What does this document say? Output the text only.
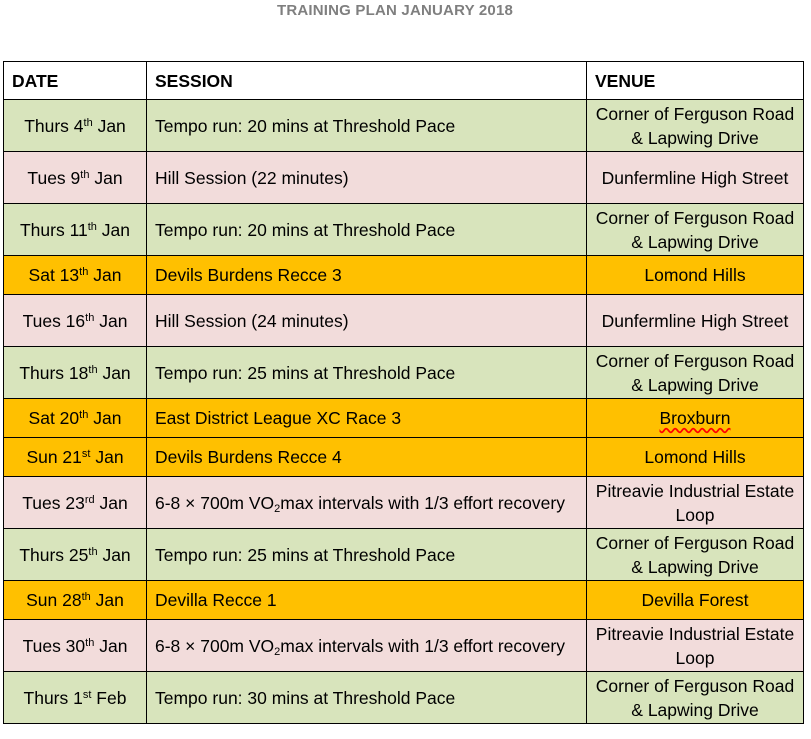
TRAINING PLAN JANUARY 2018
DATE	SESSION	VENUE
Thurs 4th Jan	Tempo run: 20 mins at Threshold Pace	Corner of Ferguson Road & Lapwing Drive
Tues 9th Jan	Hill Session (22 minutes)	Dunfermline High Street
Thurs 11th Jan	Tempo run: 20 mins at Threshold Pace	Corner of Ferguson Road & Lapwing Drive
Sat 13th Jan	Devils Burdens Recce 3	Lomond Hills
Tues 16th Jan	Hill Session (24 minutes)	Dunfermline High Street
Thurs 18th Jan	Tempo run: 25 mins at Threshold Pace	Corner of Ferguson Road & Lapwing Drive
Sat 20th Jan	East District League XC Race 3	Broxburn
Sun 21st Jan	Devils Burdens Recce 4	Lomond Hills
Tues 23rd Jan	6-8 × 700m $VO_2\max$ intervals with 1/3 effort recovery	Pitreavie Industrial Estate Loop
Thurs 25th Jan	Tempo run: 25 mins at Threshold Pace	Corner of Ferguson Road & Lapwing Drive
Sun 28th Jan	Devilla Recce 1	Devilla Forest
Tues 30th Jan	6-8 × 700m $VO_2\max$ intervals with 1/3 effort recovery	Pitreavie Industrial Estate Loop
Thurs 1st Feb	Tempo run: 30 mins at Threshold Pace	Corner of Ferguson Road & Lapwing Drive
